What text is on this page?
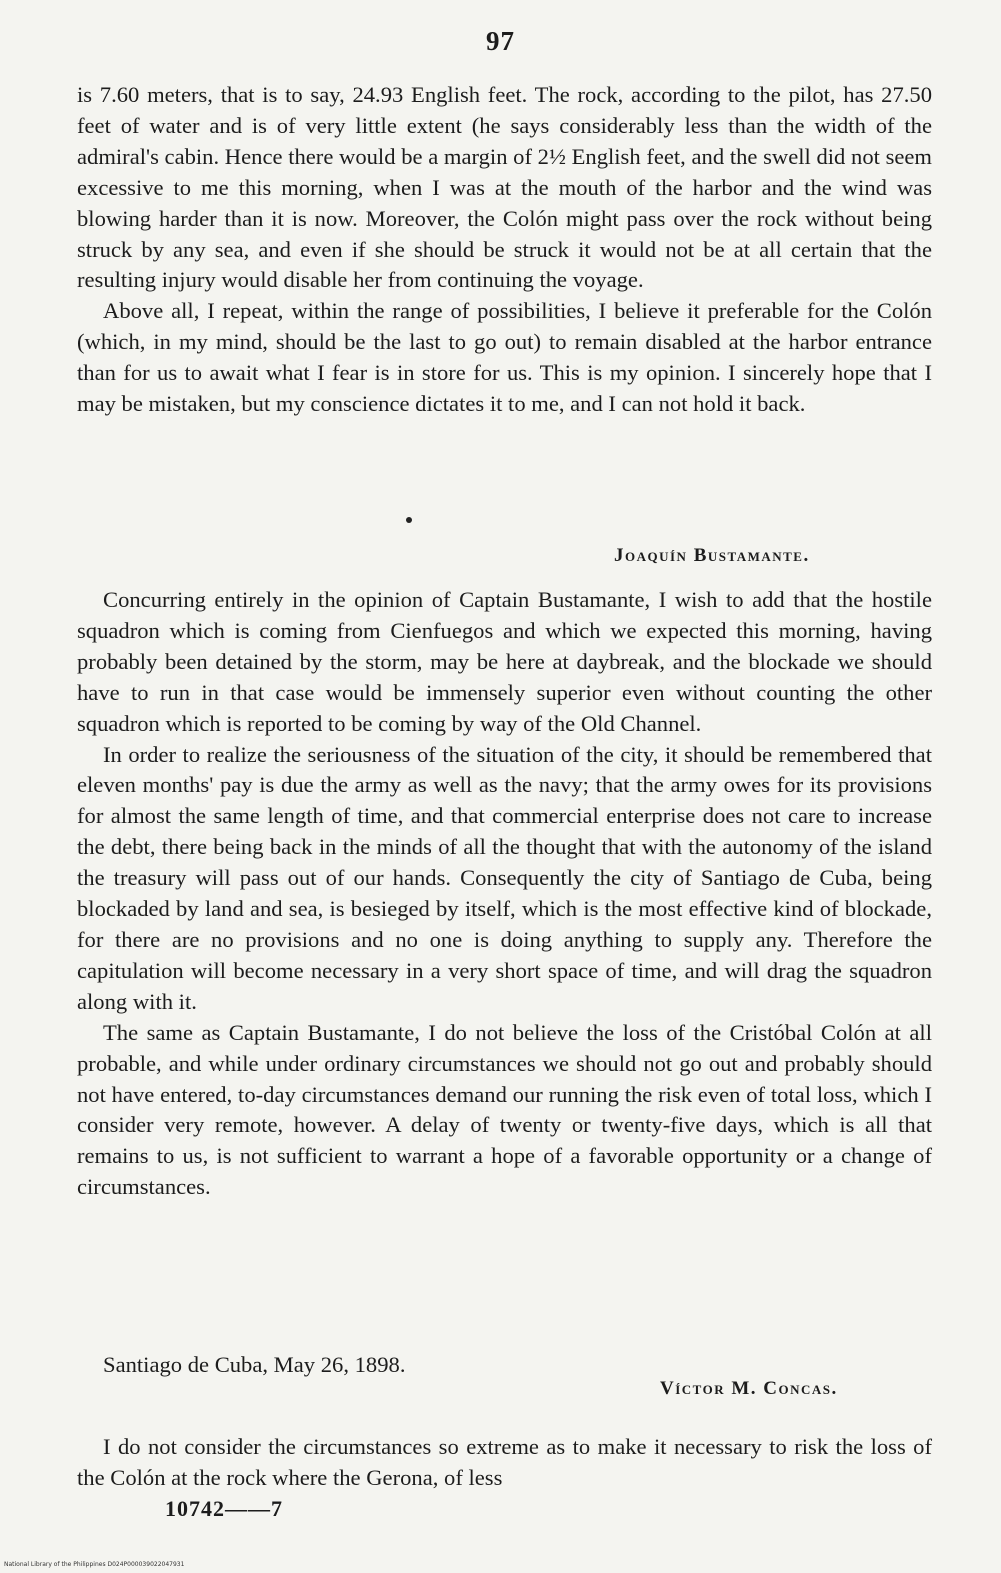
97

is 7.60 meters, that is to say, 24.93 English feet. The rock, according to the pilot, has 27.50 feet of water and is of very little extent (he says considerably less than the width of the admiral's cabin. Hence there would be a margin of 2½ English feet, and the swell did not seem excessive to me this morning, when I was at the mouth of the harbor and the wind was blowing harder than it is now. Moreover, the Colón might pass over the rock without being struck by any sea, and even if she should be struck it would not be at all certain that the resulting injury would disable her from continuing the voyage.

Above all, I repeat, within the range of possibilities, I believe it preferable for the Colón (which, in my mind, should be the last to go out) to remain disabled at the harbor entrance than for us to await what I fear is in store for us. This is my opinion. I sincerely hope that I may be mistaken, but my conscience dictates it to me, and I can not hold it back.

Joaquín Bustamante.

Concurring entirely in the opinion of Captain Bustamante, I wish to add that the hostile squadron which is coming from Cienfuegos and which we expected this morning, having probably been detained by the storm, may be here at daybreak, and the blockade we should have to run in that case would be immensely superior even without counting the other squadron which is reported to be coming by way of the Old Channel.

In order to realize the seriousness of the situation of the city, it should be remembered that eleven months' pay is due the army as well as the navy; that the army owes for its provisions for almost the same length of time, and that commercial enterprise does not care to increase the debt, there being back in the minds of all the thought that with the autonomy of the island the treasury will pass out of our hands. Consequently the city of Santiago de Cuba, being blockaded by land and sea, is besieged by itself, which is the most effective kind of blockade, for there are no provisions and no one is doing anything to supply any. Therefore the capitulation will become necessary in a very short space of time, and will drag the squadron along with it.

The same as Captain Bustamante, I do not believe the loss of the Cristóbal Colón at all probable, and while under ordinary circumstances we should not go out and probably should not have entered, to-day circumstances demand our running the risk even of total loss, which I consider very remote, however. A delay of twenty or twenty-five days, which is all that remains to us, is not sufficient to warrant a hope of a favorable opportunity or a change of circumstances.

Santiago de Cuba, May 26, 1898.
Víctor M. Concas.

I do not consider the circumstances so extreme as to make it necessary to risk the loss of the Colón at the rock where the Gerona, of less

10742——7
National Library of the Philippines D024P000039022047931
